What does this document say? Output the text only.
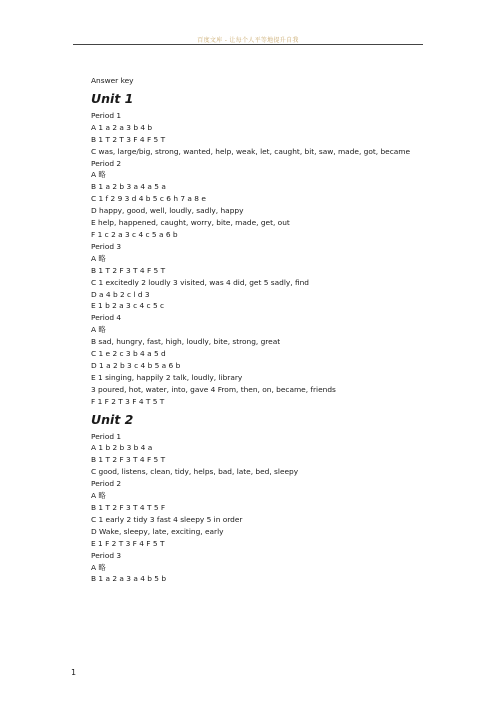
百度文库 - 让每个人平等地提升自我
Answer key
Unit 1
Period 1
A 1 a 2 a 3 b 4 b
B 1 T 2 T 3 F 4 F 5 T
C was, large/big, strong, wanted, help, weak, let, caught, bit, saw, made, got, became
Period 2
A 略
B 1 a 2 b 3 a 4 a 5 a
C 1 f 2 9 3 d 4 b 5 c 6 h 7 a 8 e
D happy, good, well, loudly, sadly, happy
E help, happened, caught, worry, bite, made, get, out
F 1 c 2 a 3 c 4 c 5 a 6 b
Period 3
A 略
B 1 T 2 F 3 T 4 F 5 T
C 1 excitedly 2 loudly 3 visited, was 4 did, get 5 sadly, find
D a 4 b 2 c l d 3
E 1 b 2 a 3 c 4 c 5 c
Period 4
A 略
B sad, hungry, fast, high, loudly, bite, strong, great
C 1 e 2 c 3 b 4 a 5 d
D 1 a 2 b 3 c 4 b 5 a 6 b
E 1 singing, happily 2 talk, loudly, library
3 poured, hot, water, into, gave 4 From, then, on, became, friends
F 1 F 2 T 3 F 4 T 5 T
Unit 2
Period 1
A 1 b 2 b 3 b 4 a
B 1 T 2 F 3 T 4 F 5 T
C good, listens, clean, tidy, helps, bad, late, bed, sleepy
Period 2
A 略
B 1 T 2 F 3 T 4 T 5 F
C 1 early 2 tidy 3 fast 4 sleepy 5 in order
D Wake, sleepy, late, exciting, early
E 1 F 2 T 3 F 4 F 5 T
Period 3
A 略
B 1 a 2 a 3 a 4 b 5 b
1
